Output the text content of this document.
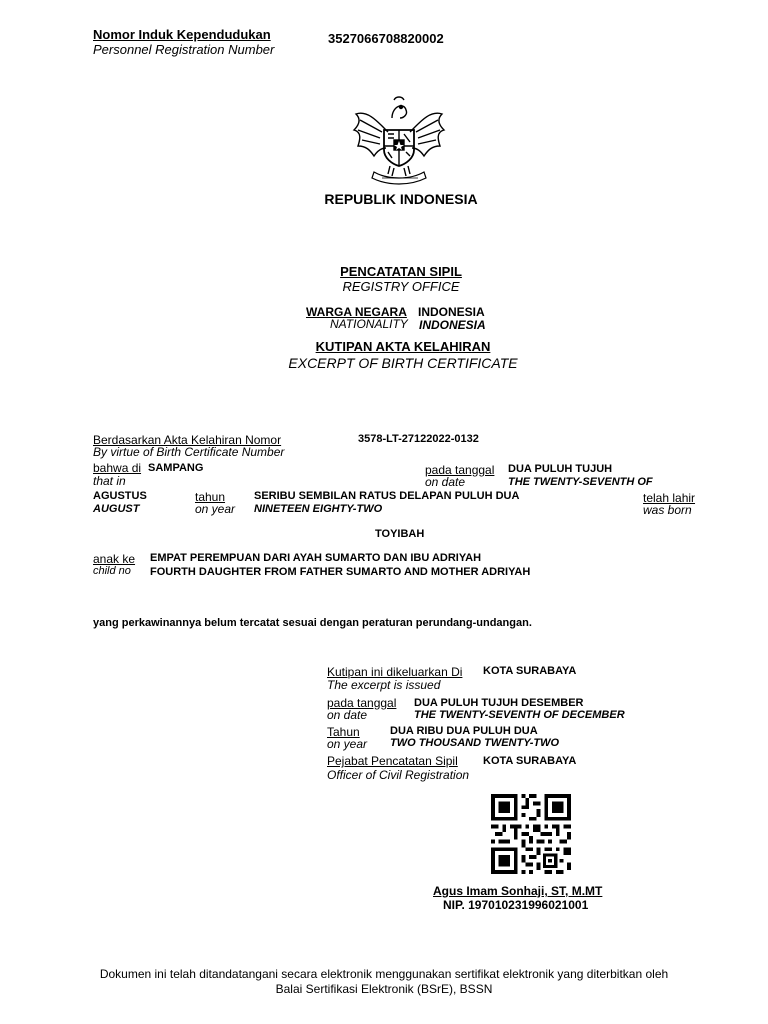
Nomor Induk Kependudukan
Personnel Registration Number
3527066708820002
REPUBLIK INDONESIA
PENCATATAN SIPIL
REGISTRY OFFICE
WARGA NEGARA INDONESIA
NATIONALITY INDONESIA
KUTIPAN AKTA KELAHIRAN
EXCERPT OF BIRTH CERTIFICATE
Berdasarkan Akta Kelahiran Nomor
By virtue of Birth Certificate Number
3578-LT-27122022-0132
bahwa di SAMPANG
that in
pada tanggal
on date
DUA PULUH TUJUH
THE TWENTY-SEVENTH OF
AGUSTUS
AUGUST
tahun
on year
SERIBU SEMBILAN RATUS DELAPAN PULUH DUA
NINETEEN EIGHTY-TWO
telah lahir
was born
TOYIBAH
anak ke
child no
EMPAT PEREMPUAN DARI AYAH SUMARTO DAN IBU ADRIYAH
FOURTH DAUGHTER FROM FATHER SUMARTO AND MOTHER ADRIYAH
yang perkawinannya belum tercatat sesuai dengan peraturan perundang-undangan.
Kutipan ini dikeluarkan Di
The excerpt is issued
KOTA SURABAYA
pada tanggal
on date
DUA PULUH TUJUH DESEMBER
THE TWENTY-SEVENTH OF DECEMBER
Tahun
on year
DUA RIBU DUA PULUH DUA
TWO THOUSAND TWENTY-TWO
Pejabat Pencatatan Sipil
Officer of Civil Registration
KOTA SURABAYA
Agus Imam Sonhaji, ST, M.MT
NIP. 197010231996021001
Dokumen ini telah ditandatangani secara elektronik menggunakan sertifikat elektronik yang diterbitkan oleh
Balai Sertifikasi Elektronik (BSrE), BSSN
